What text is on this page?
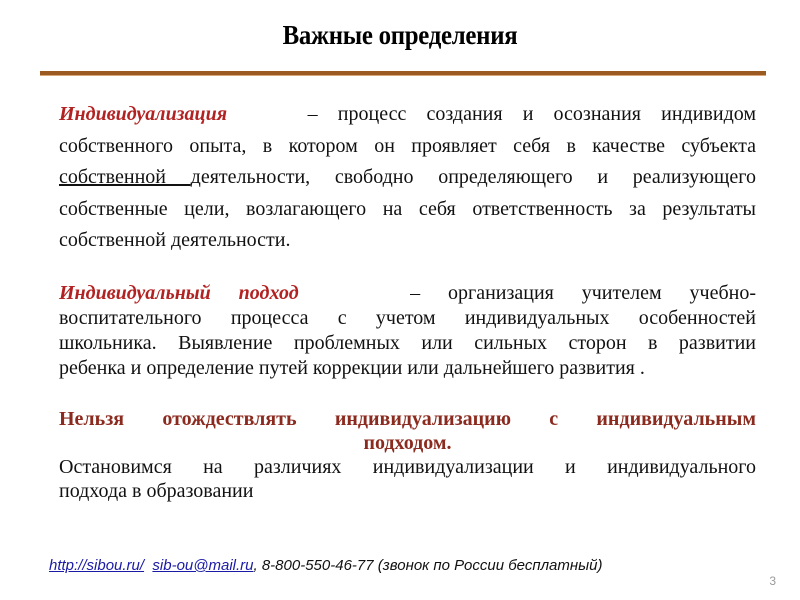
Важные определения
Индивидуализация	– процесс создания и осознания индивидом
собственного опыта, в котором он проявляет себя в качестве субъекта
собственной деятельности, свободно определяющего и реализующего
собственные цели, возлагающего на себя ответственность за результаты
собственной деятельности.
Индивидуальный подход	– организация учителем учебно-
воспитательного процесса с учетом индивидуальных особенностей
школьника. Выявление проблемных или сильных сторон в развитии
ребенка и определение путей коррекции или дальнейшего развития .
Нельзя отождествлять индивидуализацию с индивидуальным
подходом.
Остановимся на различиях индивидуализации и индивидуального
подхода в образовании
http://sibou.ru/ sib-ou@mail.ru, 8-800-550-46-77 (звонок по России бесплатный)
3
